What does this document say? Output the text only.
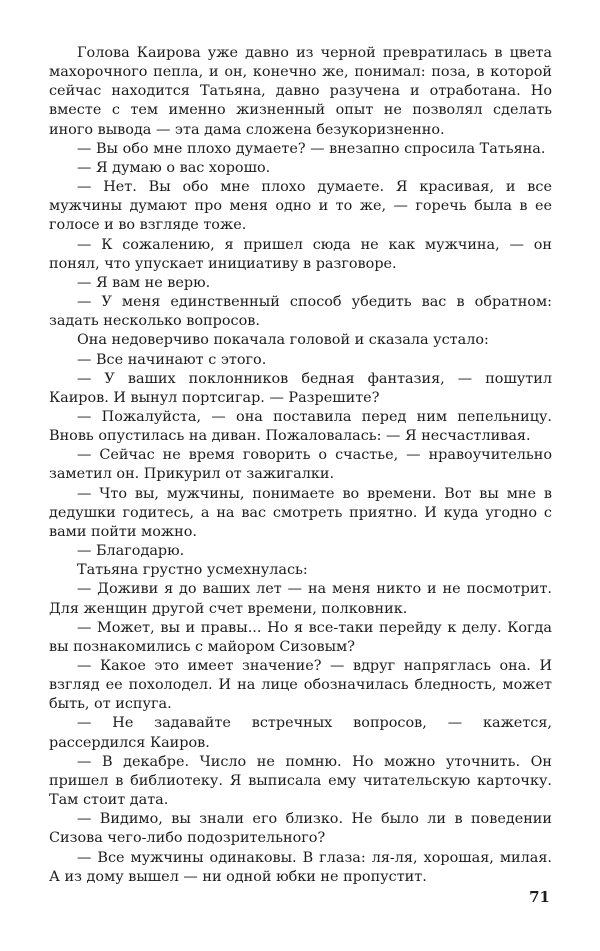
Голова Каирова уже давно из черной превратилась в цвета махорочного пепла, и он, конечно же, понимал: поза, в которой сейчас находится Татьяна, давно разучена и отработана. Но вместе с тем именно жизненный опыт не позволял сделать иного вывода — эта дама сложена безукоризненно.

— Вы обо мне плохо думаете? — внезапно спросила Татьяна.

— Я думаю о вас хорошо.

— Нет. Вы обо мне плохо думаете. Я красивая, и все мужчины думают про меня одно и то же, — горечь была в ее голосе и во взгляде тоже.

— К сожалению, я пришел сюда не как мужчина, — он понял, что упускает инициативу в разговоре.

— Я вам не верю.

— У меня единственный способ убедить вас в обратном: задать несколько вопросов.

Она недоверчиво покачала головой и сказала устало:

— Все начинают с этого.

— У ваших поклонников бедная фантазия, — пошутил Каиров. И вынул портсигар. — Разрешите?

— Пожалуйста, — она поставила перед ним пепельницу. Вновь опустилась на диван. Пожаловалась: — Я несчастливая.

— Сейчас не время говорить о счастье, — нравоучительно заметил он. Прикурил от зажигалки.

— Что вы, мужчины, понимаете во времени. Вот вы мне в дедушки годитесь, а на вас смотреть приятно. И куда угодно с вами пойти можно.

— Благодарю.

Татьяна грустно усмехнулась:

— Доживи я до ваших лет — на меня никто и не посмотрит. Для женщин другой счет времени, полковник.

— Может, вы и правы... Но я все-таки перейду к делу. Когда вы познакомились с майором Сизовым?

— Какое это имеет значение? — вдруг напряглась она. И взгляд ее похолодел. И на лице обозначилась бледность, может быть, от испуга.

— Не задавайте встречных вопросов, — кажется, рассердился Каиров.

— В декабре. Число не помню. Но можно уточнить. Он пришел в библиотеку. Я выписала ему читательскую карточку. Там стоит дата.

— Видимо, вы знали его близко. Не было ли в поведении Сизова чего-либо подозрительного?

— Все мужчины одинаковы. В глаза: ля-ля, хорошая, милая. А из дому вышел — ни одной юбки не пропустит.

71
